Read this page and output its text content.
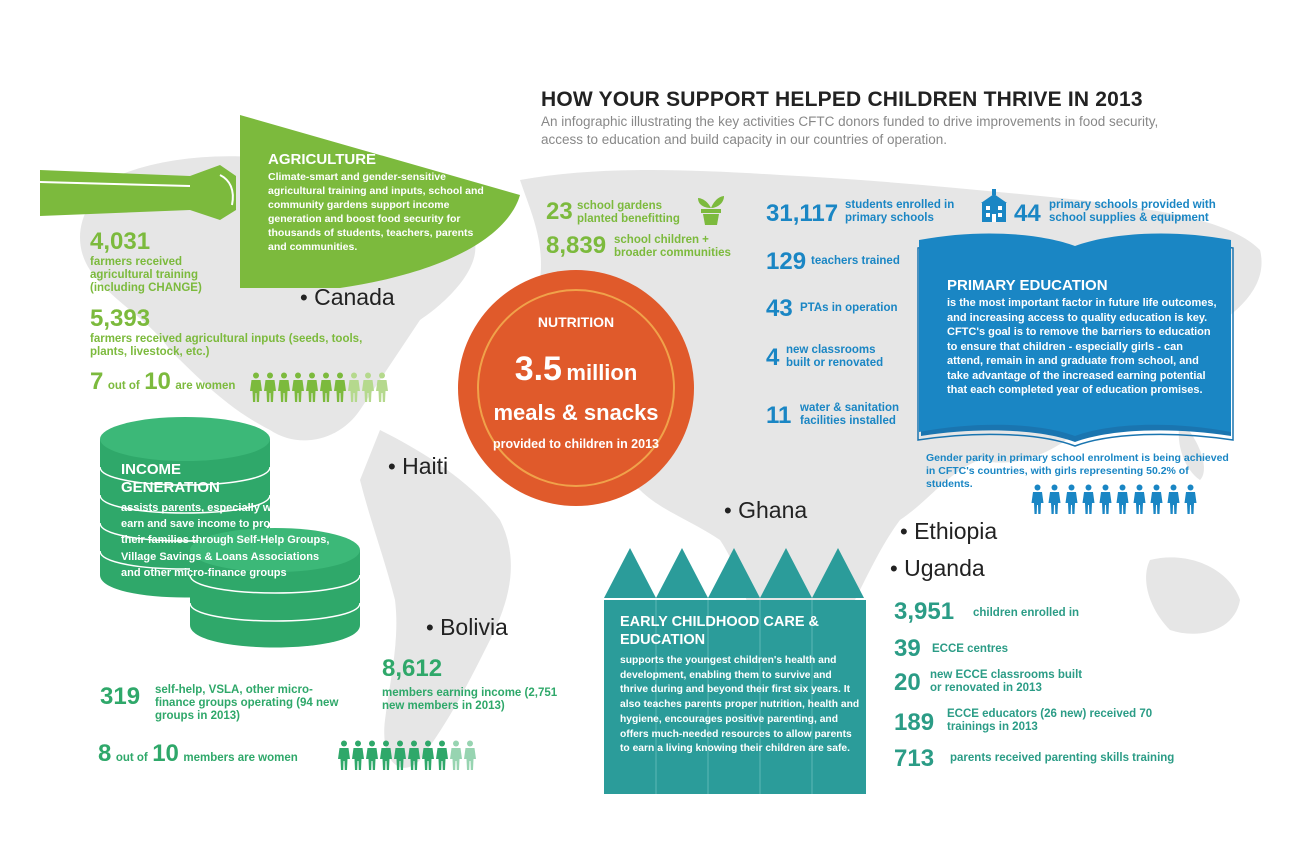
HOW YOUR SUPPORT HELPED CHILDREN THRIVE IN 2013
An infographic illustrating the key activities CFTC donors funded to drive improvements in food security, access to education and build capacity in our countries of operation.
AGRICULTURE
Climate-smart and gender-sensitive agricultural training and inputs, school and community gardens support income generation and boost food security for thousands of students, teachers, parents and communities.
4,031
farmers received agricultural training (including CHANGE)
5,393
farmers received agricultural inputs (seeds, tools, plants, livestock, etc.)
7 out of 10 are women
23 school gardens planted benefitting
8,839 school children + broader communities
• Canada
• Haiti
• Ghana
• Ethiopia
• Uganda
• Bolivia
NUTRITION
3.5 million
meals & snacks
provided to children in 2013
31,117 students enrolled in primary schools	44 primary schools provided with school supplies & equipment
129 teachers trained
43 PTAs in operation
4 new classrooms built or renovated
11 water & sanitation facilities installed
PRIMARY EDUCATION
is the most important factor in future life outcomes, and increasing access to quality education is key. CFTC's goal is to remove the barriers to education to ensure that children - especially girls - can attend, remain in and graduate from school, and take advantage of the increased earning potential that each completed year of education promises.
Gender parity in primary school enrolment is being achieved in CFTC's countries, with girls representing 50.2% of students.
INCOME GENERATION
assists parents, especially women, to earn and save income to provide for their families through Self-Help Groups, Village Savings & Loans Associations and other micro-finance groups
319 self-help, VSLA, other micro-finance groups operating (94 new groups in 2013)
8,612
members earning income (2,751 new members in 2013)
8 out of 10 members are women
EARLY CHILDHOOD CARE & EDUCATION
supports the youngest children's health and development, enabling them to survive and thrive during and beyond their first six years. It also teaches parents proper nutrition, health and hygiene, encourages positive parenting, and offers much-needed resources to allow parents to earn a living knowing their children are safe.
3,951 children enrolled in
39 ECCE centres
20 new ECCE classrooms built or renovated in 2013
189 ECCE educators (26 new) received 70 trainings in 2013
713 parents received parenting skills training
